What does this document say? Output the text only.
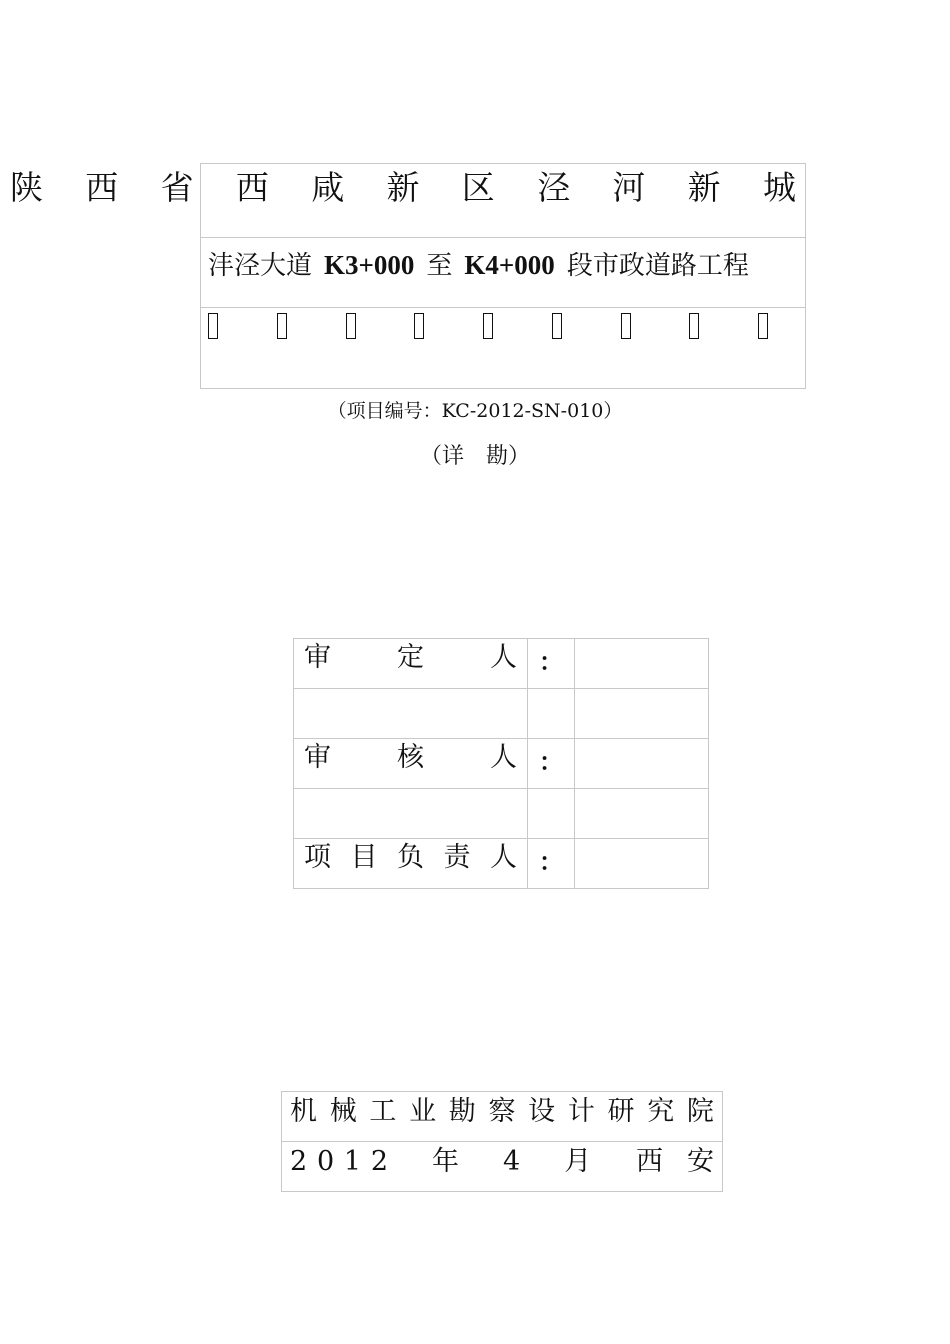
陕 西 省 西 咸 新 区 泾 河 新 城
沣泾大道 K3+000 至 K4+000 段市政道路工程
（项目编号：KC-2012-SN-010）
（详　勘）
审 定 人	：	

审 核 人	：	

项 目 负 责 人	：	

机 械 工 业 勘 察 设 计 研 究 院

2 0 1 2 年 4 月 西 安
